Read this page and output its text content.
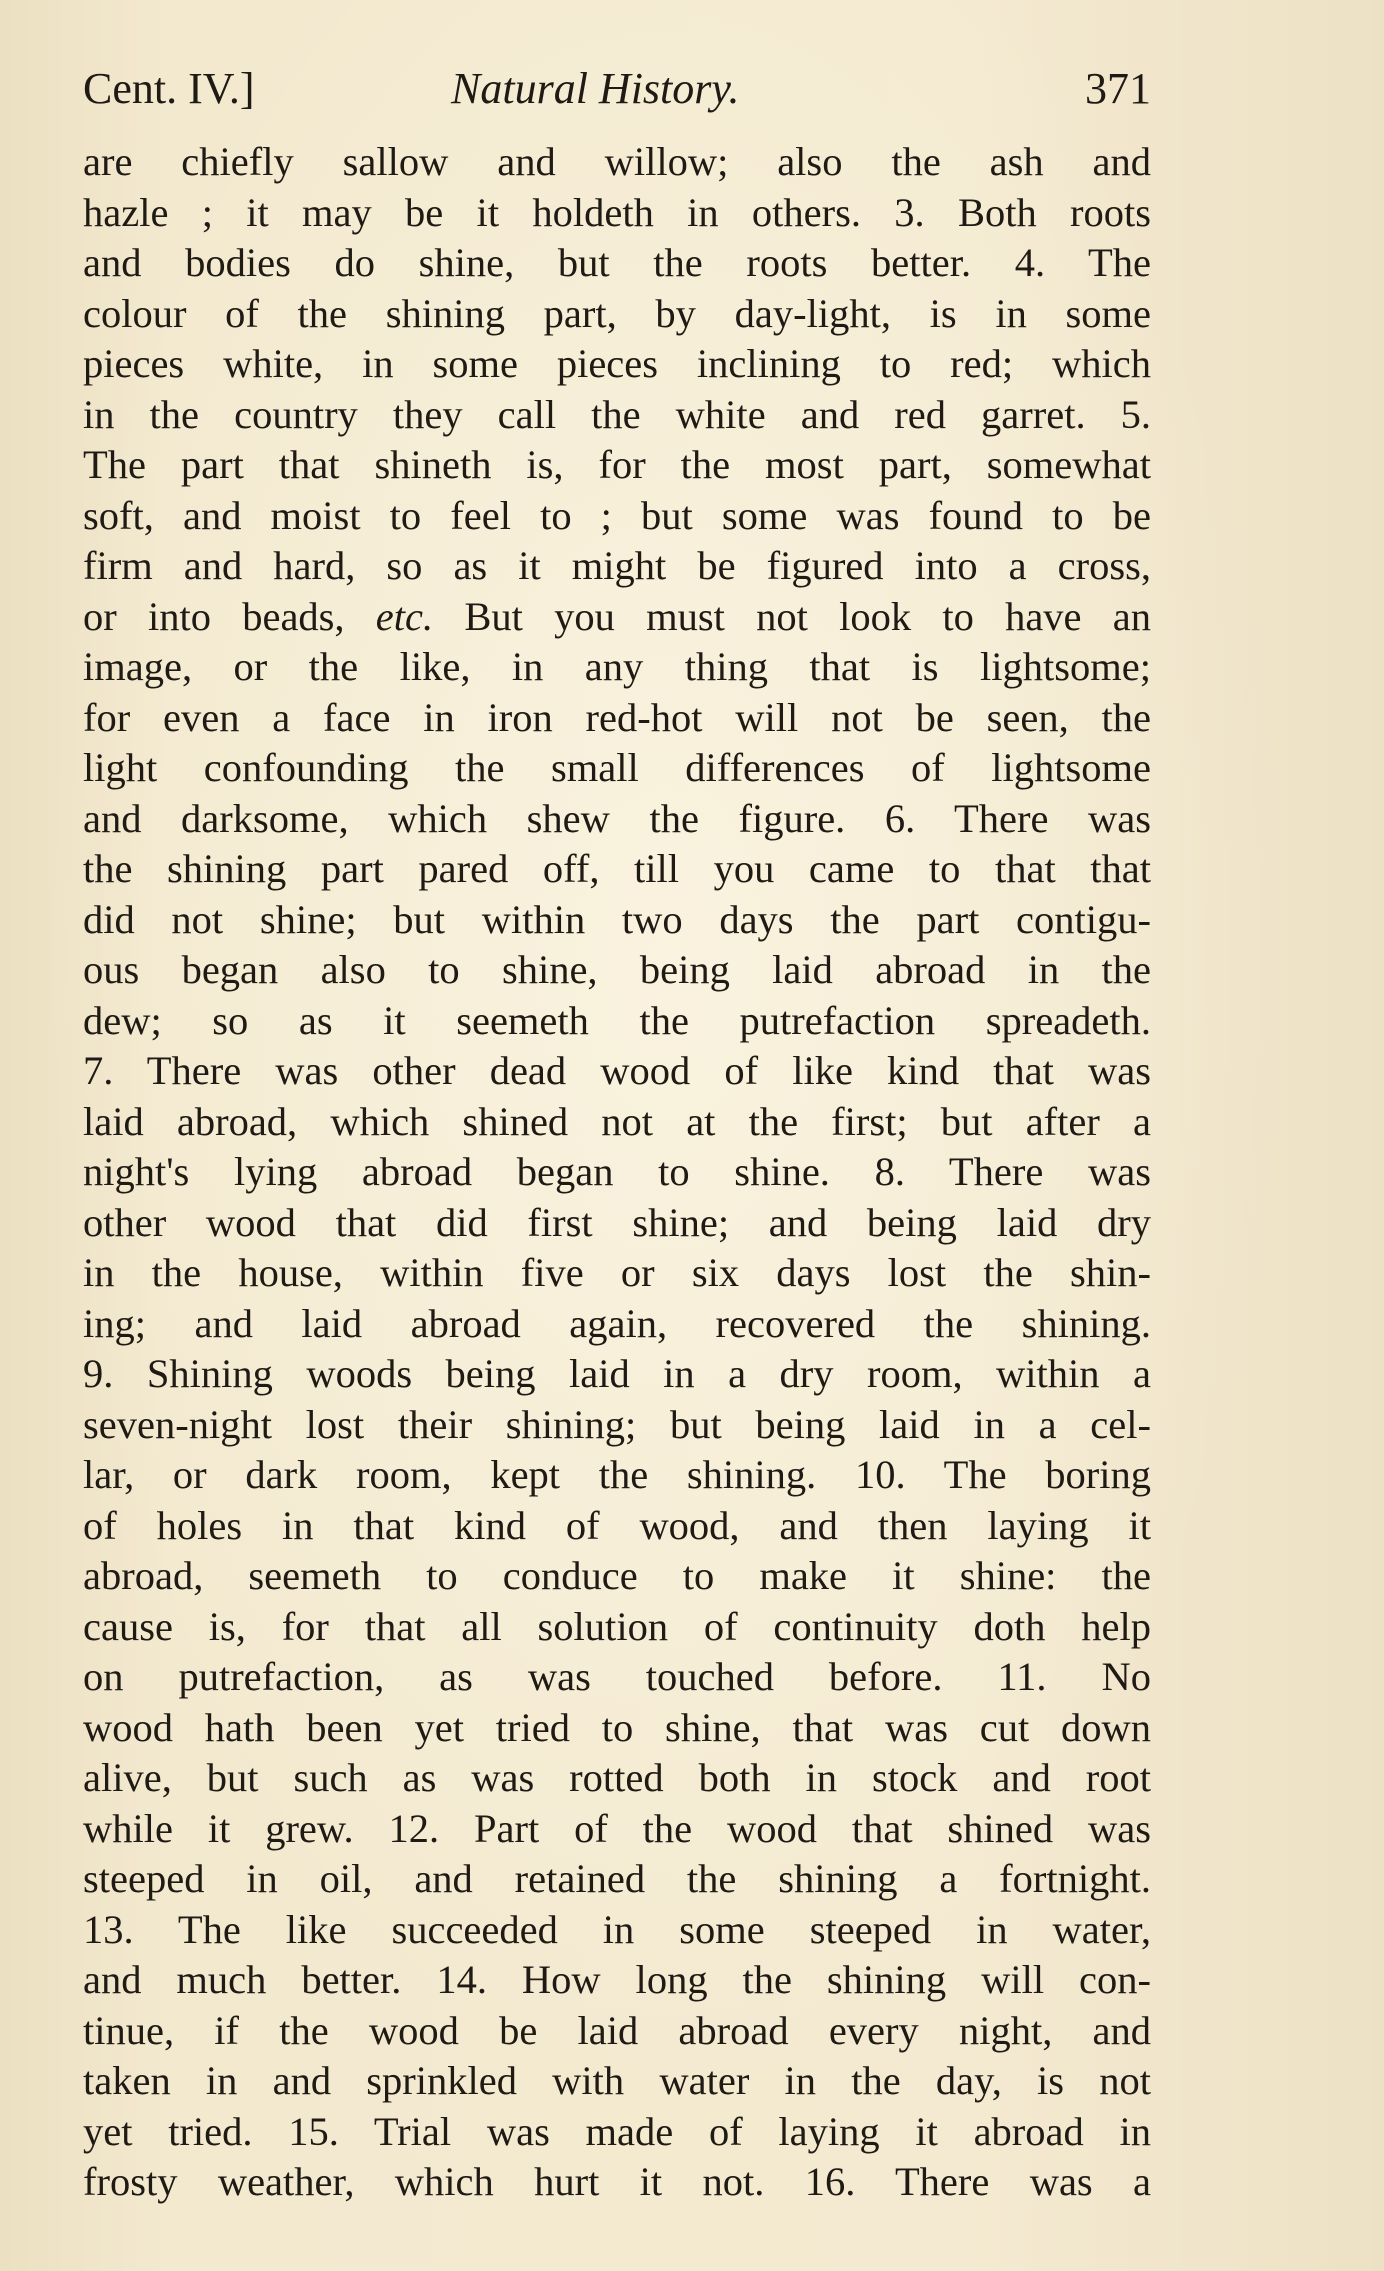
Cent. IV.]	Natural History.	371
are chiefly sallow and willow; also the ash and
hazle ; it may be it holdeth in others. 3. Both roots
and bodies do shine, but the roots better. 4. The
colour of the shining part, by day-light, is in some
pieces white, in some pieces inclining to red; which
in the country they call the white and red garret. 5.
The part that shineth is, for the most part, somewhat
soft, and moist to feel to ; but some was found to be
firm and hard, so as it might be figured into a cross,
or into beads, etc. But you must not look to have an
image, or the like, in any thing that is lightsome;
for even a face in iron red-hot will not be seen, the
light confounding the small differences of lightsome
and darksome, which shew the figure. 6. There was
the shining part pared off, till you came to that that
did not shine; but within two days the part contigu-
ous began also to shine, being laid abroad in the
dew; so as it seemeth the putrefaction spreadeth.
7. There was other dead wood of like kind that was
laid abroad, which shined not at the first; but after a
night's lying abroad began to shine. 8. There was
other wood that did first shine; and being laid dry
in the house, within five or six days lost the shin-
ing; and laid abroad again, recovered the shining.
9. Shining woods being laid in a dry room, within a
seven-night lost their shining; but being laid in a cel-
lar, or dark room, kept the shining. 10. The boring
of holes in that kind of wood, and then laying it
abroad, seemeth to conduce to make it shine: the
cause is, for that all solution of continuity doth help
on putrefaction, as was touched before. 11. No
wood hath been yet tried to shine, that was cut down
alive, but such as was rotted both in stock and root
while it grew. 12. Part of the wood that shined was
steeped in oil, and retained the shining a fortnight.
13. The like succeeded in some steeped in water,
and much better. 14. How long the shining will con-
tinue, if the wood be laid abroad every night, and
taken in and sprinkled with water in the day, is not
yet tried. 15. Trial was made of laying it abroad in
frosty weather, which hurt it not. 16. There was a
